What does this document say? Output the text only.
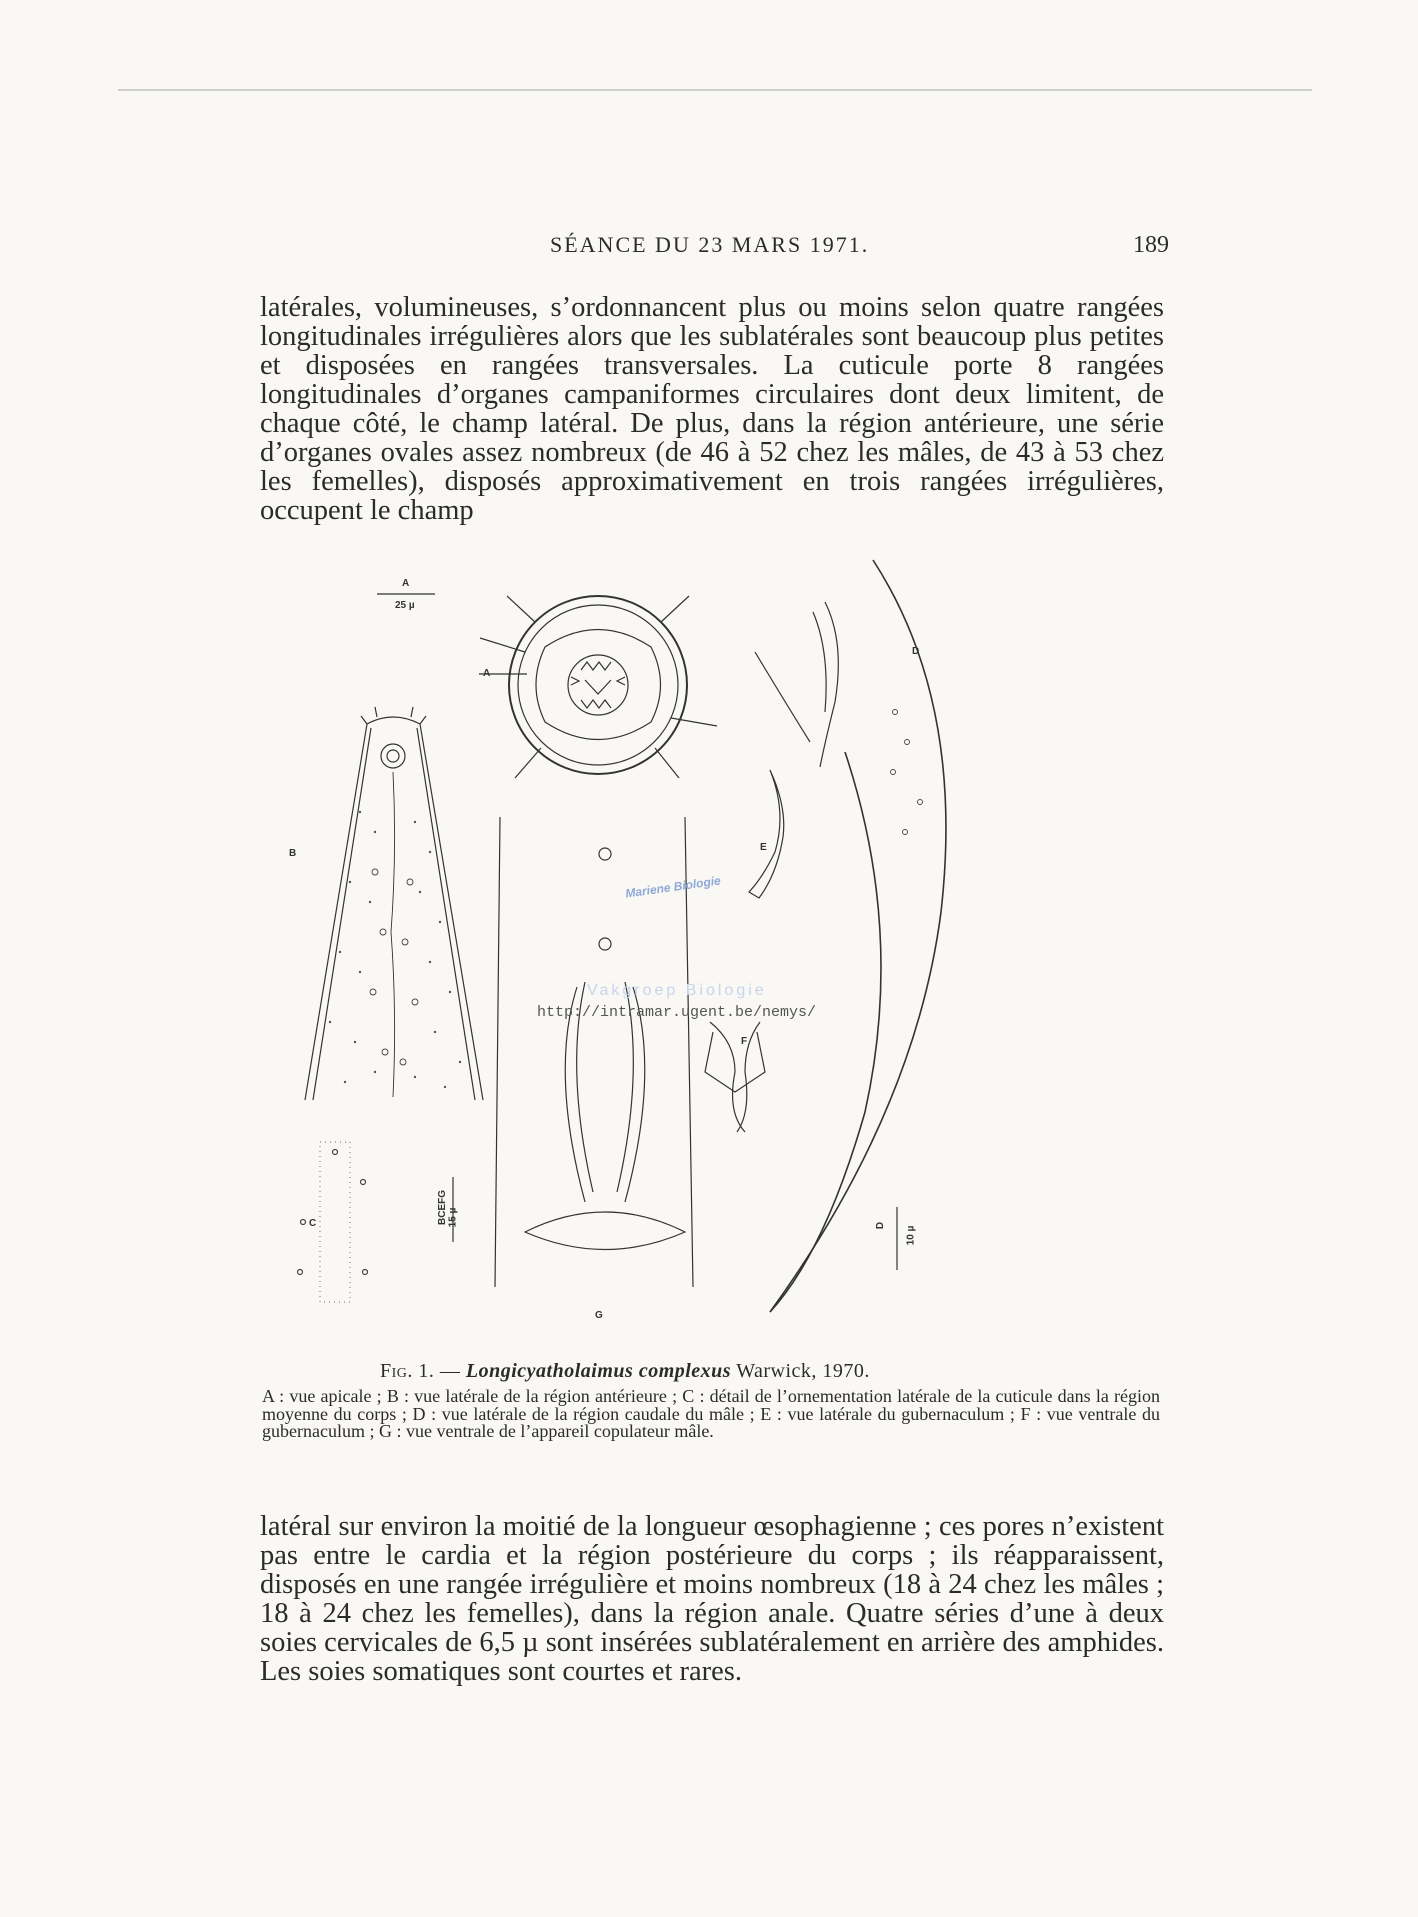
SÉANCE DU 23 MARS 1971.	189

latérales, volumineuses, s’ordonnancent plus ou moins selon quatre rangées longitudinales irrégulières alors que les sublatérales sont beaucoup plus petites et disposées en rangées transversales. La cuticule porte 8 rangées longitudinales d’organes campaniformes circulaires dont deux limitent, de chaque côté, le champ latéral. De plus, dans la région antérieure, une série d’organes ovales assez nombreux (de 46 à 52 chez les mâles, de 43 à 53 chez les femelles), disposés approximativement en trois rangées irrégulières, occupent le champ

A
25 µ
A
B
C	BCEFG 15 µ
G
D
E
F
D
10 µ
Mariene Biologie
Vakgroep Biologie
http://intramar.ugent.be/nemys/
Fig. 1. — Longicyatholaimus complexus Warwick, 1970.

A : vue apicale ; B : vue latérale de la région antérieure ; C : détail de l’ornementation latérale de la cuticule dans la région moyenne du corps ; D : vue latérale de la région caudale du mâle ; E : vue latérale du gubernaculum ; F : vue ventrale du gubernaculum ; G : vue ventrale de l’appareil copulateur mâle.

latéral sur environ la moitié de la longueur œsophagienne ; ces pores n’existent pas entre le cardia et la région postérieure du corps ; ils réapparaissent, disposés en une rangée irrégulière et moins nombreux (18 à 24 chez les mâles ; 18 à 24 chez les femelles), dans la région anale. Quatre séries d’une à deux soies cervicales de 6,5 µ sont insérées sublatéralement en arrière des amphides. Les soies somatiques sont courtes et rares.
